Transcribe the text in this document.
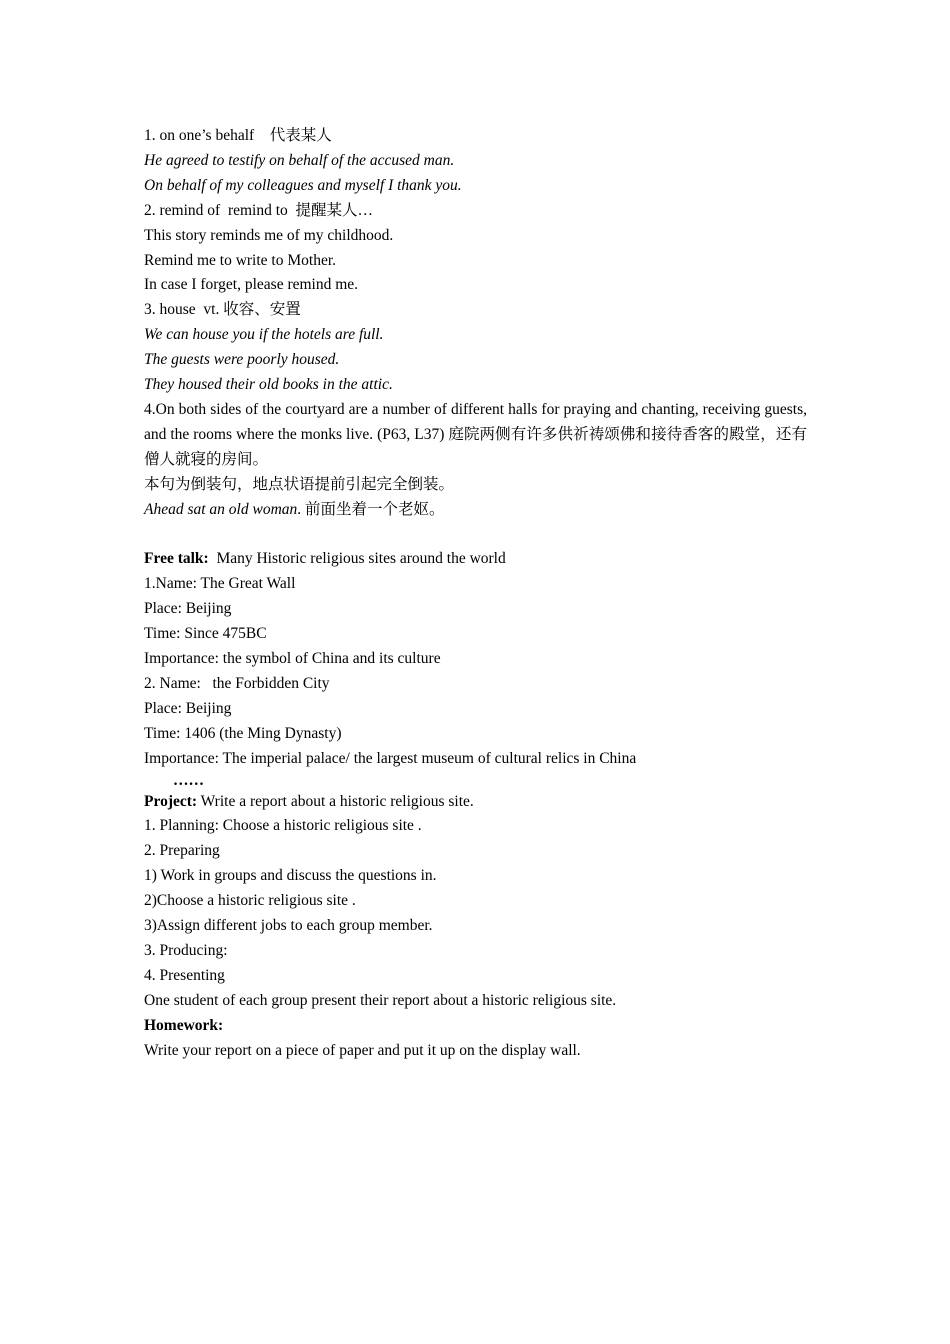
1. on one’s behalf　代表某人
He agreed to testify on behalf of the accused man.
On behalf of my colleagues and myself I thank you.
2. remind of  remind to  提醒某人…
This story reminds me of my childhood.
Remind me to write to Mother.
In case I forget, please remind me.
3. house  vt. 收容、安置
We can house you if the hotels are full.
The guests were poorly housed.
They housed their old books in the attic.
4.On both sides of the courtyard are a number of different halls for praying and chanting, receiving guests, and the rooms where the monks live. (P63, L37) 庭院两侧有许多供祈祷颂佛和接待香客的殿堂，还有僧人就寝的房间。
本句为倒装句，地点状语提前引起完全倒装。
Ahead sat an old woman. 前面坐着一个老妪。
Free talk:  Many Historic religious sites around the world
1.Name: The Great Wall
Place: Beijing
Time: Since 475BC
Importance: the symbol of China and its culture
2. Name:   the Forbidden City
Place: Beijing
Time: 1406 (the Ming Dynasty)
Importance: The imperial palace/ the largest museum of cultural relics in China
……
Project: Write a report about a historic religious site.
1. Planning: Choose a historic religious site .
2. Preparing
1) Work in groups and discuss the questions in.
2)Choose a historic religious site .
3)Assign different jobs to each group member.
3. Producing:
4. Presenting
One student of each group present their report about a historic religious site.
Homework:
Write your report on a piece of paper and put it up on the display wall.
